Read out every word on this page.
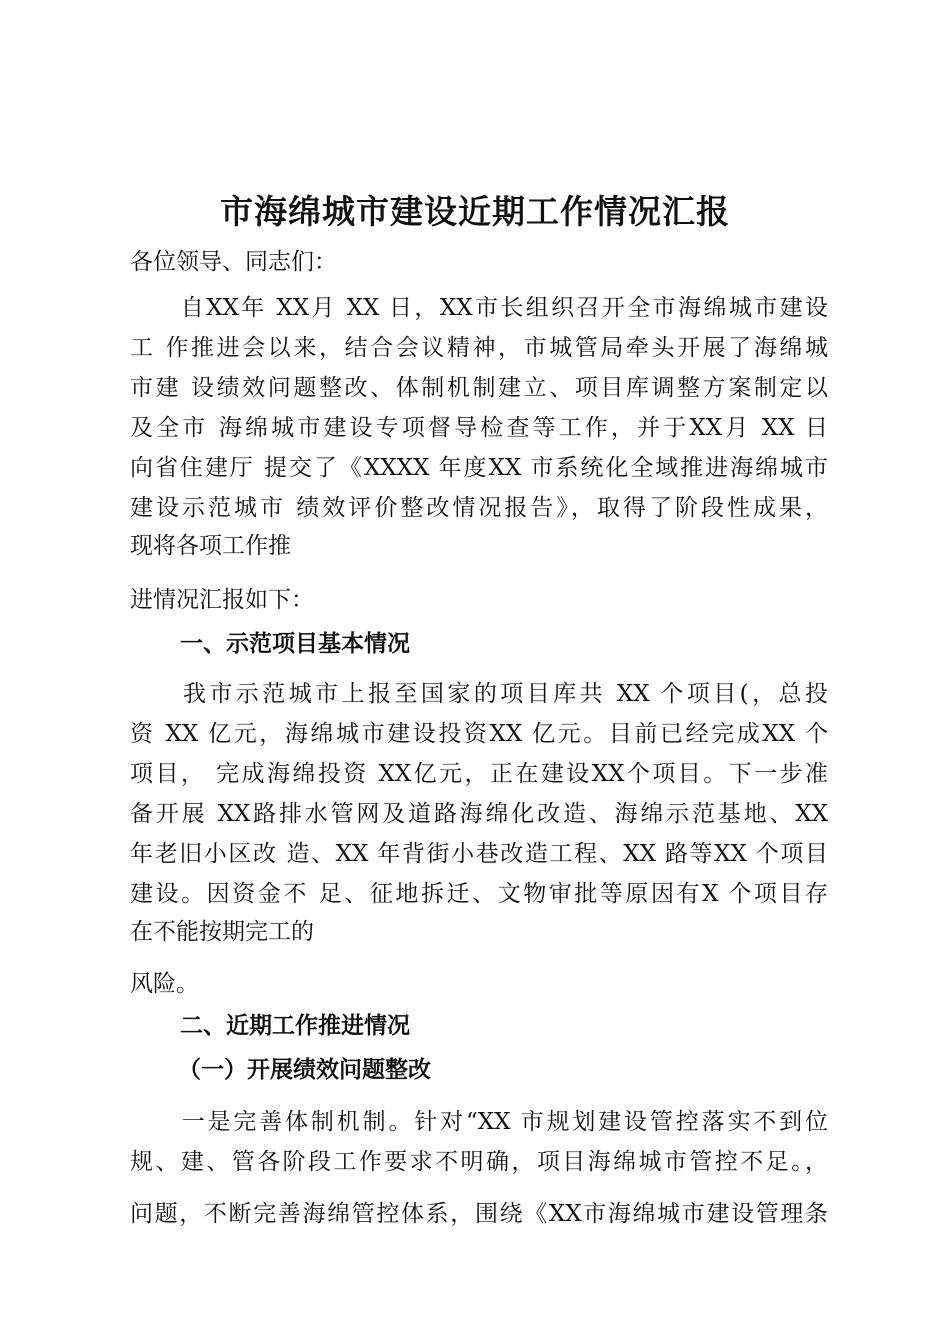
市海绵城市建设近期工作情况汇报
各位领导、同志们：
　　自XX年 XX月 XX 日，XX市长组织召开全市海绵城市建设
工 作推进会以来，结合会议精神，市城管局牵头开展了海绵城
市建 设绩效问题整改、体制机制建立、项目库调整方案制定以
及全市 海绵城市建设专项督导检查等工作，并于XX月 XX 日
向省住建厅 提交了《XXXX 年度XX 市系统化全域推进海绵城市
建设示范城市 绩效评价整改情况报告》，取得了阶段性成果，
现将各项工作推
进情况汇报如下：
一、示范项目基本情况
　　我市示范城市上报至国家的项目库共 XX 个项目(，总投
资 XX 亿元，海绵城市建设投资XX 亿元。目前已经完成XX 个
项目， 完成海绵投资 XX亿元，正在建设XX个项目。下一步准
备开展 XX路排水管网及道路海绵化改造、海绵示范基地、XX
年老旧小区改 造、XX 年背街小巷改造工程、XX 路等XX 个项目
建设。因资金不 足、征地拆迁、文物审批等原因有X 个项目存
在不能按期完工的
风险。
二、近期工作推进情况
（一）开展绩效问题整改
　　一是完善体制机制。针对“XX 市规划建设管控落实不到位
规、建、管各阶段工作要求不明确，项目海绵城市管控不足。，
问题，不断完善海绵管控体系，围绕《XX市海绵城市建设管理条
